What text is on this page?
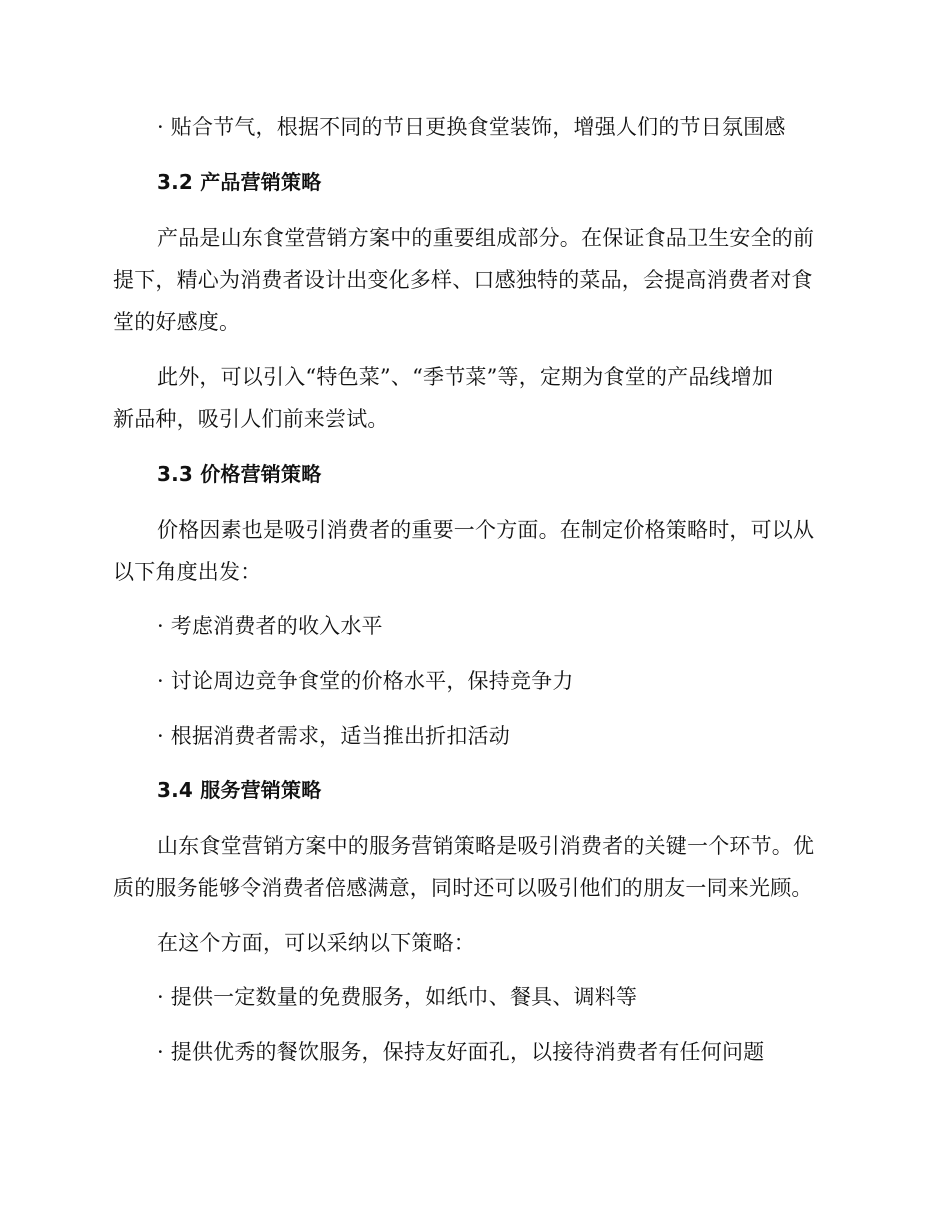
· 贴合节气，根据不同的节日更换食堂装饰，增强人们的节日氛围感
3.2 产品营销策略
产品是山东食堂营销方案中的重要组成部分。在保证食品卫生安全的前
提下，精心为消费者设计出变化多样、口感独特的菜品，会提高消费者对食
堂的好感度。
此外，可以引入“特色菜”、“季节菜”等，定期为食堂的产品线增加
新品种，吸引人们前来尝试。
3.3 价格营销策略
价格因素也是吸引消费者的重要一个方面。在制定价格策略时，可以从
以下角度出发：
· 考虑消费者的收入水平
· 讨论周边竞争食堂的价格水平，保持竞争力
· 根据消费者需求，适当推出折扣活动
3.4 服务营销策略
山东食堂营销方案中的服务营销策略是吸引消费者的关键一个环节。优
质的服务能够令消费者倍感满意，同时还可以吸引他们的朋友一同来光顾。
在这个方面，可以采纳以下策略：
· 提供一定数量的免费服务，如纸巾、餐具、调料等
· 提供优秀的餐饮服务，保持友好面孔，以接待消费者有任何问题
